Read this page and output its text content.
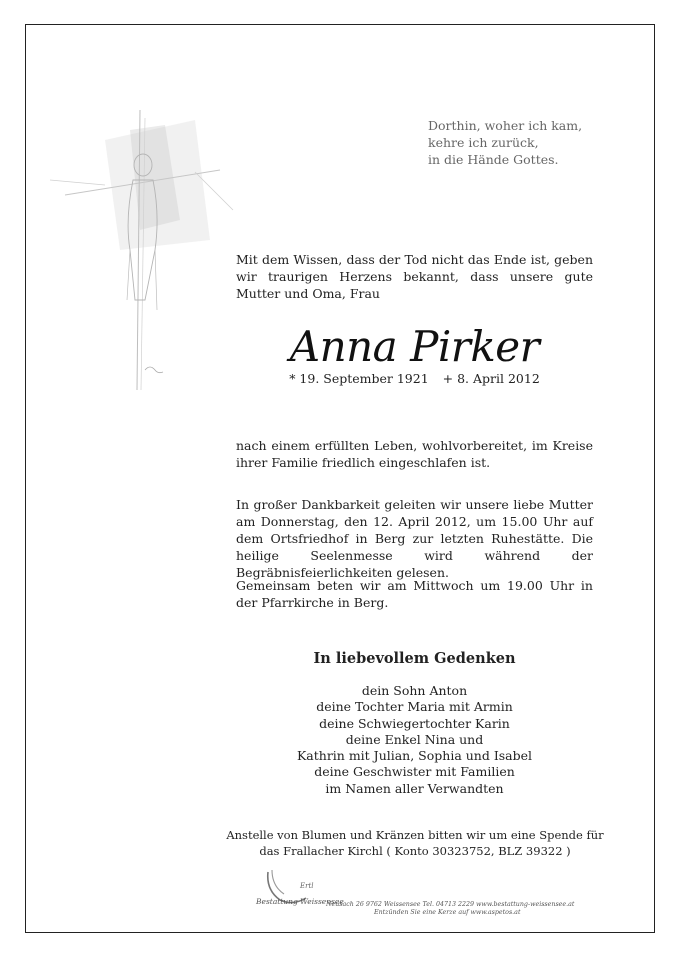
Dorthin, woher ich kam,
kehre ich zurück,
in die Hände Gottes.
Mit dem Wissen, dass der Tod nicht das Ende ist, geben wir traurigen Herzens bekannt, dass unsere gute Mutter und Oma, Frau
Anna Pirker
* 19. September 1921 + 8. April 2012
nach einem erfüllten Leben, wohlvorbereitet, im Kreise ihrer Familie friedlich eingeschlafen ist.
In großer Dankbarkeit geleiten wir unsere liebe Mutter am Donnerstag, den 12. April 2012, um 15.00 Uhr auf dem Ortsfriedhof in Berg zur letzten Ruhestätte. Die heilige Seelenmesse wird während der Begräbnisfeierlichkeiten gelesen.
Gemeinsam beten wir am Mittwoch um 19.00 Uhr in der Pfarrkirche in Berg.
In liebevollem Gedenken
dein Sohn Anton
deine Tochter Maria mit Armin
deine Schwiegertochter Karin
deine Enkel Nina und
Kathrin mit Julian, Sophia und Isabel
deine Geschwister mit Familien
im Namen aller Verwandten
Anstelle von Blumen und Kränzen bitten wir um eine Spende für
das Frallacher Kirchl ( Konto 30323752, BLZ 39322 )
Ertl
Bestattung Weissensee
Neusach 26 9762 Weissensee Tel. 04713 2229 www.bestattung-weissensee.at
Entzünden Sie eine Kerze auf www.aspetos.at
